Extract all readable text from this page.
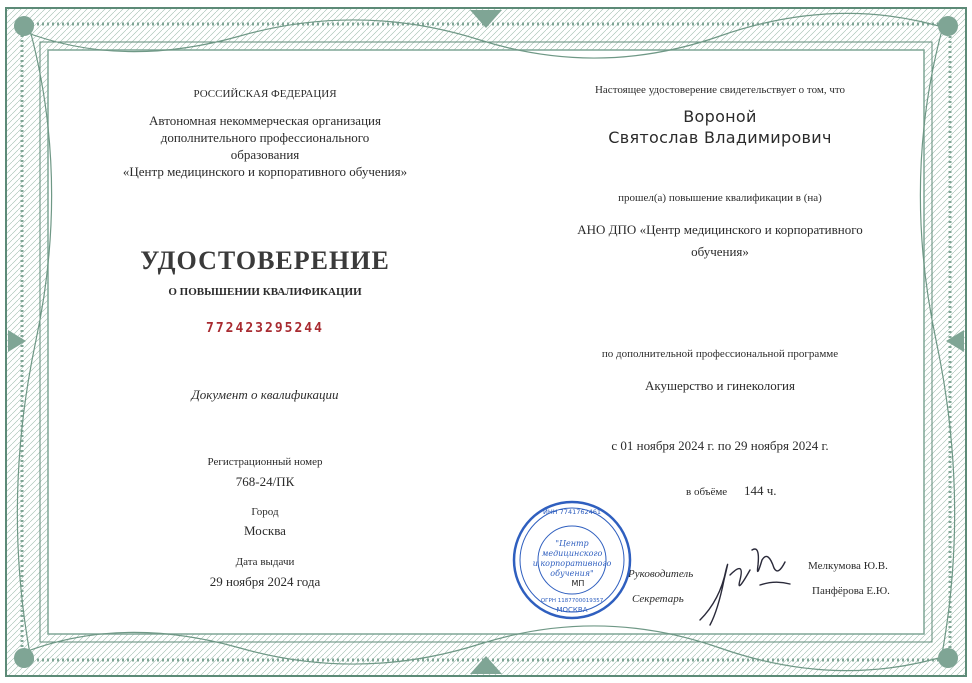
РОССИЙСКАЯ ФЕДЕРАЦИЯ
Автономная некоммерческая организация
дополнительного профессионального
образования
«Центр медицинского и корпоративного обучения»
УДОСТОВЕРЕНИЕ
О ПОВЫШЕНИИ КВАЛИФИКАЦИИ
772423295244
Документ о квалификации
Регистрационный номер
768-24/ПК
Город
Москва
Дата выдачи
29 ноября 2024 года
Настоящее удостоверение свидетельствует о том, что
Вороной
Святослав Владимирович
прошел(а) повышение квалификации в (на)
АНО ДПО «Центр медицинского и корпоративного
обучения»
по дополнительной профессиональной программе
Акушерство и гинекология
с 01 ноября 2024 г. по 29 ноября 2024 г.
в объёме	144 ч.
Руководитель
Мелкумова Ю.В.
Секретарь
Панфёрова Е.Ю.
ИНН 7741762461
МОСКВА
ОГРН 1187700019357
"Центр
медицинского
и корпоративного
обучения"
МП
